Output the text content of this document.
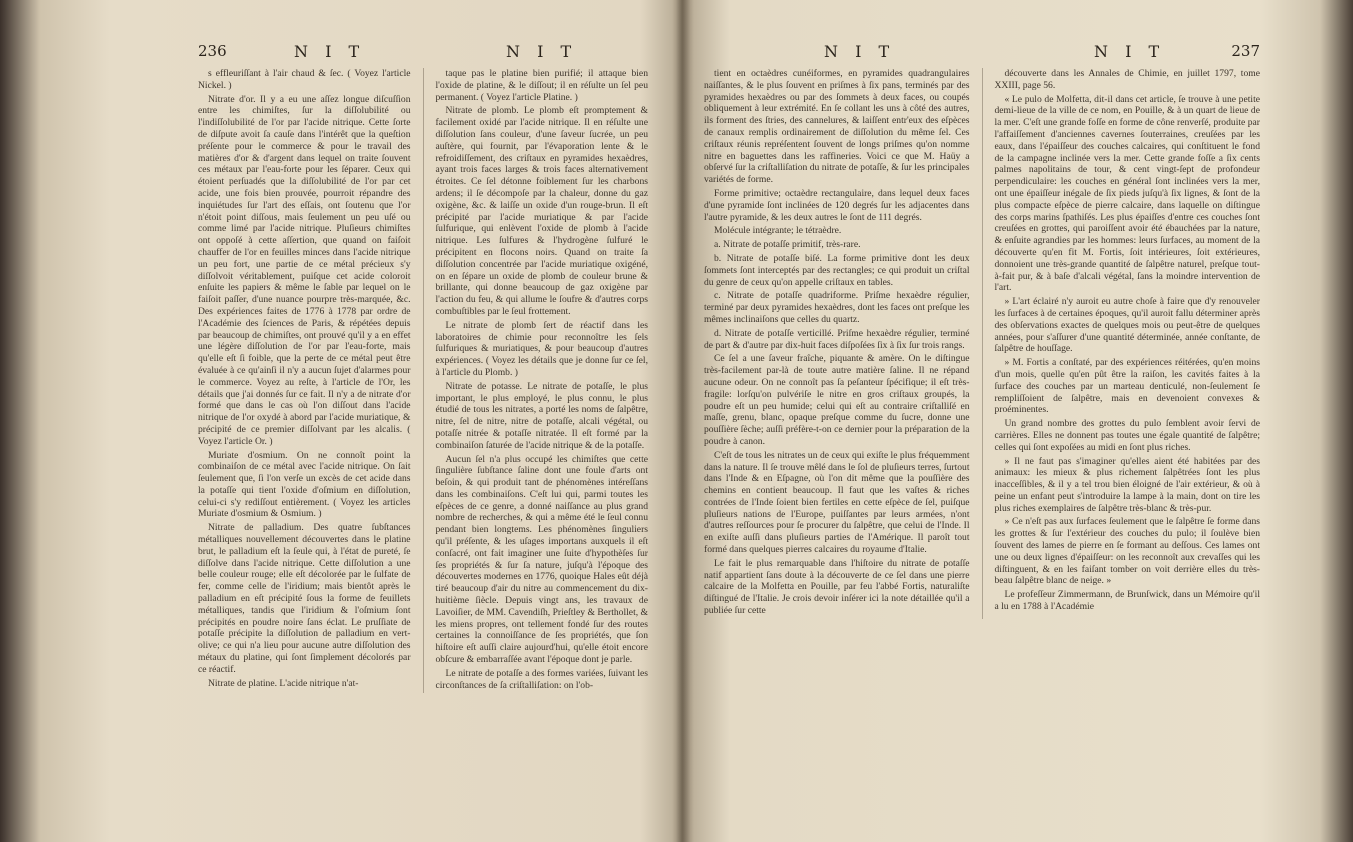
236	N I T	N I T

s effleuriſſant à l'air chaud & ſec. ( Voyez l'article Nickel. )

Nitrate d'or. Il y a eu une aſſez longue diſcuſſion entre les chimiſtes, ſur la diſſolubilité ou l'indiſſolubilité de l'or par l'acide nitrique. Cette ſorte de diſpute avoit ſa cauſe dans l'intérêt que la queſtion préſente pour le commerce & pour le travail des matières d'or & d'argent dans lequel on traite ſouvent ces métaux par l'eau-forte pour les ſéparer. Ceux qui étoient perſuadés que la diſſolubilité de l'or par cet acide, une fois bien prouvée, pourroit répandre des inquiétudes ſur l'art des eſſais, ont ſoutenu que l'or n'étoit point diſſous, mais ſeulement un peu uſé ou comme limé par l'acide nitrique. Pluſieurs chimiſtes ont oppoſé à cette aſſertion, que quand on faiſoit chauffer de l'or en feuilles minces dans l'acide nitrique un peu fort, une partie de ce métal précieux s'y diſſolvoit véritablement, puiſque cet acide coloroit enſuite les papiers & même le ſable par lequel on le faiſoit paſſer, d'une nuance pourpre très-marquée, &c. Des expériences faites de 1776 à 1778 par ordre de l'Académie des ſciences de Paris, & répétées depuis par beaucoup de chimiſtes, ont prouvé qu'il y a en effet une légère diſſolution de l'or par l'eau-forte, mais qu'elle eſt ſi foible, que la perte de ce métal peut être évaluée à ce qu'ainſi il n'y a aucun ſujet d'alarmes pour le commerce. Voyez au reſte, à l'article de l'Or, les détails que j'ai donnés ſur ce fait. Il n'y a de nitrate d'or formé que dans le cas où l'on diſſout dans l'acide nitrique de l'or oxydé à abord par l'acide muriatique, & précipité de ce premier diſſolvant par les alcalis. ( Voyez l'article Or. )

Muriate d'osmium. On ne connoît point la combinaiſon de ce métal avec l'acide nitrique. On ſait ſeulement que, ſi l'on verſe un excès de cet acide dans la potaſſe qui tient l'oxide d'oſmium en diſſolution, celui-ci s'y rediſſout entièrement. ( Voyez les articles Muriate d'osmium & Osmium. )

Nitrate de palladium. Des quatre ſubſtances métalliques nouvellement découvertes dans le platine brut, le palladium eſt la ſeule qui, à l'état de pureté, ſe diſſolve dans l'acide nitrique. Cette diſſolution a une belle couleur rouge; elle eſt décolorée par le ſulfate de fer, comme celle de l'iridium; mais bientôt après le palladium en eſt précipité ſous la forme de feuillets métalliques, tandis que l'iridium & l'oſmium ſont précipités en poudre noire ſans éclat. Le pruſſiate de potaſſe précipite la diſſolution de palladium en vert-olive; ce qui n'a lieu pour aucune autre diſſolution des métaux du platine, qui ſont ſimplement décolorés par ce réactif.

Nitrate de platine. L'acide nitrique n'at-

taque pas le platine bien purifié; il attaque bien l'oxide de platine, & le diſſout; il en réſulte un ſel peu permanent. ( Voyez l'article Platine. )

Nitrate de plomb. Le plomb eſt promptement & facilement oxidé par l'acide nitrique. Il en réſulte une diſſolution ſans couleur, d'une ſaveur ſucrée, un peu auſtère, qui fournit, par l'évaporation lente & le refroidiſſement, des criſtaux en pyramides hexaèdres, ayant trois faces larges & trois faces alternativement étroites. Ce ſel détonne foiblement ſur les charbons ardens; il ſe décompoſe par la chaleur, donne du gaz oxigène, &c. & laiſſe un oxide d'un rouge-brun. Il eſt précipité par l'acide muriatique & par l'acide ſulfurique, qui enlèvent l'oxide de plomb à l'acide nitrique. Les ſulfures & l'hydrogène ſulfuré le précipitent en flocons noirs. Quand on traite ſa diſſolution concentrée par l'acide muriatique oxigéné, on en ſépare un oxide de plomb de couleur brune & brillante, qui donne beaucoup de gaz oxigène par l'action du feu, & qui allume le ſoufre & d'autres corps combuſtibles par le ſeul frottement.

Le nitrate de plomb ſert de réactif dans les laboratoires de chimie pour reconnoître les ſels ſulfuriques & muriatiques, & pour beaucoup d'autres expériences. ( Voyez les détails que je donne ſur ce ſel, à l'article du Plomb. )

Nitrate de potasse. Le nitrate de potaſſe, le plus important, le plus employé, le plus connu, le plus étudié de tous les nitrates, a porté les noms de ſalpêtre, nitre, ſel de nitre, nitre de potaſſe, alcali végétal, ou potaſſe nitrée & potaſſe nitratée. Il eſt formé par la combinaiſon ſaturée de l'acide nitrique & de la potaſſe.

Aucun ſel n'a plus occupé les chimiſtes que cette ſingulière ſubſtance ſaline dont une foule d'arts ont beſoin, & qui produit tant de phénomènes intéreſſans dans les combinaiſons. C'eſt lui qui, parmi toutes les eſpèces de ce genre, a donné naiſſance au plus grand nombre de recherches, & qui a même été le ſeul connu pendant bien longtems. Les phénomènes ſinguliers qu'il préſente, & les uſages importans auxquels il eſt conſacré, ont fait imaginer une ſuite d'hypothèſes ſur ſes propriétés & ſur ſa nature, juſqu'à l'époque des découvertes modernes en 1776, quoique Hales eût déjà tiré beaucoup d'air du nitre au commencement du dix-huitième ſiècle. Depuis vingt ans, les travaux de Lavoiſier, de MM. Cavendiſh, Prieſtley & Berthollet, & les miens propres, ont tellement fondé ſur des routes certaines la connoiſſance de ſes propriétés, que ſon hiſtoire eſt auſſi claire aujourd'hui, qu'elle étoit encore obſcure & embarraſſée avant l'époque dont je parle.

Le nitrate de potaſſe a des formes variées, ſuivant les circonſtances de ſa criſtalliſation: on l'ob-

N I T	N I T	237

tient en octaèdres cunéiformes, en pyramides quadrangulaires naiſſantes, & le plus ſouvent en priſmes à ſix pans, terminés par des pyramides hexaèdres ou par des ſommets à deux faces, ou coupés obliquement à leur extrémité. En ſe collant les uns à côté des autres, ils forment des ſtries, des cannelures, & laiſſent entr'eux des eſpèces de canaux remplis ordinairement de diſſolution du même ſel. Ces criſtaux réunis repréſentent ſouvent de longs priſmes qu'on nomme nitre en baguettes dans les raffineries. Voici ce que M. Haüy a obſervé ſur la criſtalliſation du nitrate de potaſſe, & ſur les principales variétés de forme.

Forme primitive; octaèdre rectangulaire, dans lequel deux faces d'une pyramide ſont inclinées de 120 degrés ſur les adjacentes dans l'autre pyramide, & les deux autres le ſont de 111 degrés.

Molécule intégrante; le tétraèdre.

a. Nitrate de potaſſe primitif, très-rare.

b. Nitrate de potaſſe biſé. La forme primitive dont les deux ſommets ſont interceptés par des rectangles; ce qui produit un criſtal du genre de ceux qu'on appelle criſtaux en tables.

c. Nitrate de potaſſe quadriforme. Priſme hexaèdre régulier, terminé par deux pyramides hexaèdres, dont les faces ont preſque les mêmes inclinaiſons que celles du quartz.

d. Nitrate de potaſſe verticillé. Priſme hexaèdre régulier, terminé de part & d'autre par dix-huit faces diſpoſées ſix à ſix ſur trois rangs.

Ce ſel a une ſaveur fraîche, piquante & amère. On le diſtingue très-facilement par-là de toute autre matière ſaline. Il ne répand aucune odeur. On ne connoît pas ſa peſanteur ſpécifique; il eſt très-fragile: lorſqu'on pulvériſe le nitre en gros criſtaux groupés, la poudre eſt un peu humide; celui qui eſt au contraire criſtalliſé en maſſe, grenu, blanc, opaque preſque comme du ſucre, donne une pouſſière ſèche; auſſi préfère-t-on ce dernier pour la préparation de la poudre à canon.

C'eſt de tous les nitrates un de ceux qui exiſte le plus fréquemment dans la nature. Il ſe trouve mêlé dans le ſol de pluſieurs terres, ſurtout dans l'Inde & en Eſpagne, où l'on dit même que la pouſſière des chemins en contient beaucoup. Il faut que les vaſtes & riches contrées de l'Inde ſoient bien fertiles en cette eſpèce de ſel, puiſque pluſieurs nations de l'Europe, puiſſantes par leurs armées, n'ont d'autres reſſources pour ſe procurer du ſalpêtre, que celui de l'Inde. Il en exiſte auſſi dans pluſieurs parties de l'Amérique. Il paroît tout formé dans quelques pierres calcaires du royaume d'Italie.

Le fait le plus remarquable dans l'hiſtoire du nitrate de potaſſe natif appartient ſans doute à la découverte de ce ſel dans une pierre calcaire de la Molfetta en Pouille, par feu l'abbé Fortis, naturaliſte diſtingué de l'Italie. Je crois devoir inſérer ici la note détaillée qu'il a publiée ſur cette

découverte dans les Annales de Chimie, en juillet 1797, tome XXIII, page 56.

« Le pulo de Molfetta, dit-il dans cet article, ſe trouve à une petite demi-lieue de la ville de ce nom, en Pouille, & à un quart de lieue de la mer. C'eſt une grande foſſe en forme de cône renverſé, produite par l'affaiſſement d'anciennes cavernes ſouterraines, creuſées par les eaux, dans l'épaiſſeur des couches calcaires, qui conſtituent le fond de la campagne inclinée vers la mer. Cette grande foſſe a ſix cents palmes napolitains de tour, & cent vingt-ſept de profondeur perpendiculaire: les couches en général ſont inclinées vers la mer, ont une épaiſſeur inégale de ſix pieds juſqu'à ſix lignes, & ſont de la plus compacte eſpèce de pierre calcaire, dans laquelle on diſtingue des corps marins ſpathiſés. Les plus épaiſſes d'entre ces couches ſont creuſées en grottes, qui paroiſſent avoir été ébauchées par la nature, & enſuite agrandies par les hommes: leurs ſurfaces, au moment de la découverte qu'en fit M. Fortis, ſoit intérieures, ſoit extérieures, donnoient une très-grande quantité de ſalpêtre naturel, preſque tout-à-fait pur, & à baſe d'alcali végétal, ſans la moindre intervention de l'art.

» L'art éclairé n'y auroit eu autre choſe à faire que d'y renouveler les ſurfaces à de certaines époques, qu'il auroit fallu déterminer après des obſervations exactes de quelques mois ou peut-être de quelques années, pour s'aſſurer d'une quantité déterminée, année conſtante, de ſalpêtre de houſſage.

» M. Fortis a conſtaté, par des expériences réitérées, qu'en moins d'un mois, quelle qu'en pût être la raiſon, les cavités faites à la ſurface des couches par un marteau denticulé, non-ſeulement ſe rempliſſoient de ſalpêtre, mais en devenoient convexes & proéminentes.

Un grand nombre des grottes du pulo ſemblent avoir ſervi de carrières. Elles ne donnent pas toutes une égale quantité de ſalpêtre; celles qui ſont expoſées au midi en ſont plus riches.

» Il ne faut pas s'imaginer qu'elles aient été habitées par des animaux: les mieux & plus richement ſalpêtrées ſont les plus inacceſſibles, & il y a tel trou bien éloigné de l'air extérieur, & où à peine un enfant peut s'introduire la lampe à la main, dont on tire les plus riches exemplaires de ſalpêtre très-blanc & très-pur.

» Ce n'eſt pas aux ſurfaces ſeulement que le ſalpêtre ſe forme dans les grottes & ſur l'extérieur des couches du pulo; il ſoulève bien ſouvent des lames de pierre en ſe formant au deſſous. Ces lames ont une ou deux lignes d'épaiſſeur: on les reconnoît aux crevaſſes qui les diſtinguent, & en les faiſant tomber on voit derrière elles du très-beau ſalpêtre blanc de neige. »

Le profeſſeur Zimmermann, de Brunſwick, dans un Mémoire qu'il a lu en 1788 à l'Académie
